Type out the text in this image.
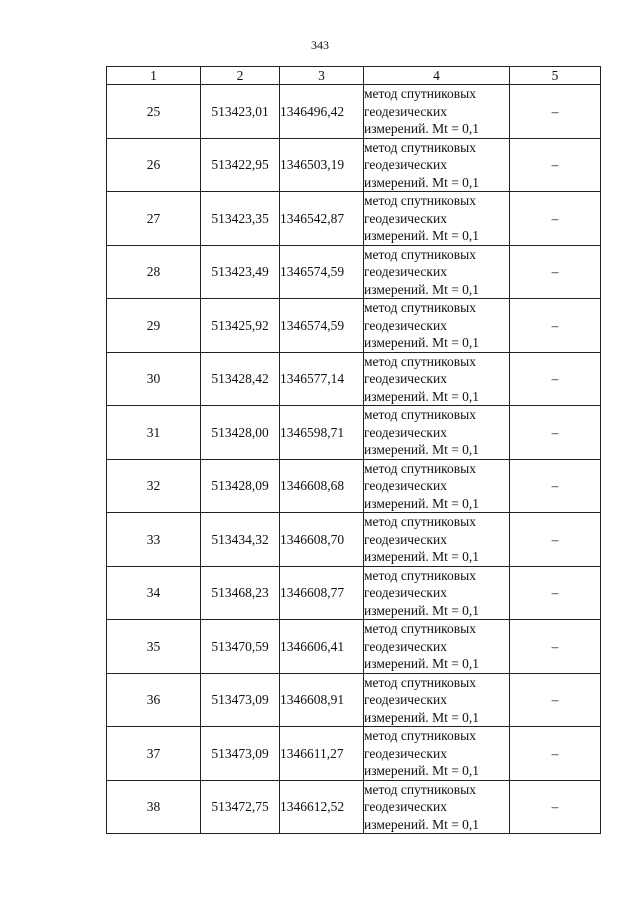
343
1	2	3	4	5
25	513423,01	1346496,42	метод спутниковых
геодезических
измерений. Mt = 0,1	–
26	513422,95	1346503,19	метод спутниковых
геодезических
измерений. Mt = 0,1	–
27	513423,35	1346542,87	метод спутниковых
геодезических
измерений. Mt = 0,1	–
28	513423,49	1346574,59	метод спутниковых
геодезических
измерений. Mt = 0,1	–
29	513425,92	1346574,59	метод спутниковых
геодезических
измерений. Mt = 0,1	–
30	513428,42	1346577,14	метод спутниковых
геодезических
измерений. Mt = 0,1	–
31	513428,00	1346598,71	метод спутниковых
геодезических
измерений. Mt = 0,1	–
32	513428,09	1346608,68	метод спутниковых
геодезических
измерений. Mt = 0,1	–
33	513434,32	1346608,70	метод спутниковых
геодезических
измерений. Mt = 0,1	–
34	513468,23	1346608,77	метод спутниковых
геодезических
измерений. Mt = 0,1	–
35	513470,59	1346606,41	метод спутниковых
геодезических
измерений. Mt = 0,1	–
36	513473,09	1346608,91	метод спутниковых
геодезических
измерений. Mt = 0,1	–
37	513473,09	1346611,27	метод спутниковых
геодезических
измерений. Mt = 0,1	–
38	513472,75	1346612,52	метод спутниковых
геодезических
измерений. Mt = 0,1	–
